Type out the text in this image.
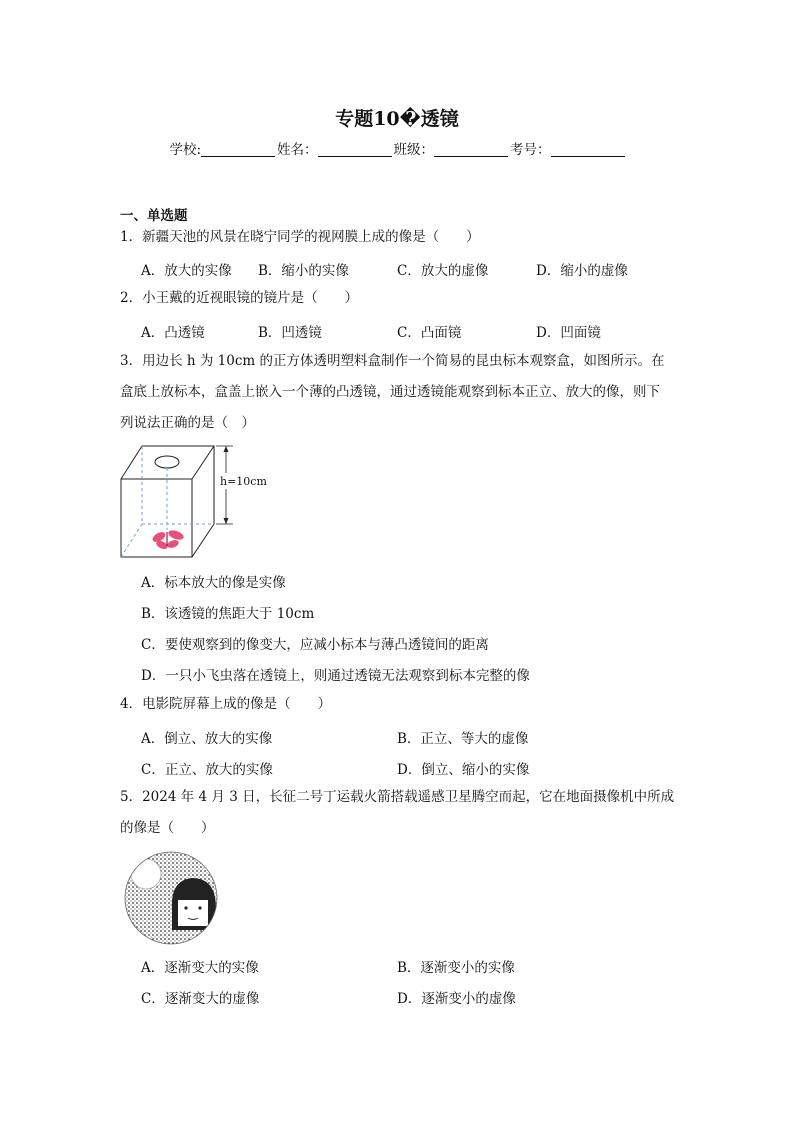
专题10�透镜
学校:	姓名：	班级：	考号：
一、单选题
1．新疆天池的风景在晓宁同学的视网膜上成的像是（　　）
A．放大的实像 B．缩小的实像	C．放大的虚像	D．缩小的虚像
2．小王戴的近视眼镜的镜片是（　　）
A．凸透镜	B．凹透镜	C．凸面镜	D．凹面镜
3．用边长 h 为 10cm 的正方体透明塑料盒制作一个简易的昆虫标本观察盒，如图所示。在
盒底上放标本，盒盖上嵌入一个薄的凸透镜，通过透镜能观察到标本正立、放大的像，则下
列说法正确的是（　）
h=10cm
A．标本放大的像是实像
B．该透镜的焦距大于 10cm
C．要使观察到的像变大，应减小标本与薄凸透镜间的距离
D．一只小飞虫落在透镜上，则通过透镜无法观察到标本完整的像
4．电影院屏幕上成的像是（　　）
A．倒立、放大的实像	B．正立、等大的虚像
C．正立、放大的实像	D．倒立、缩小的实像
5．2024 年 4 月 3 日，长征二号丁运载火箭搭载遥感卫星腾空而起，它在地面摄像机中所成
的像是（　　）
A．逐渐变大的实像	B．逐渐变小的实像
C．逐渐变大的虚像	D．逐渐变小的虚像
